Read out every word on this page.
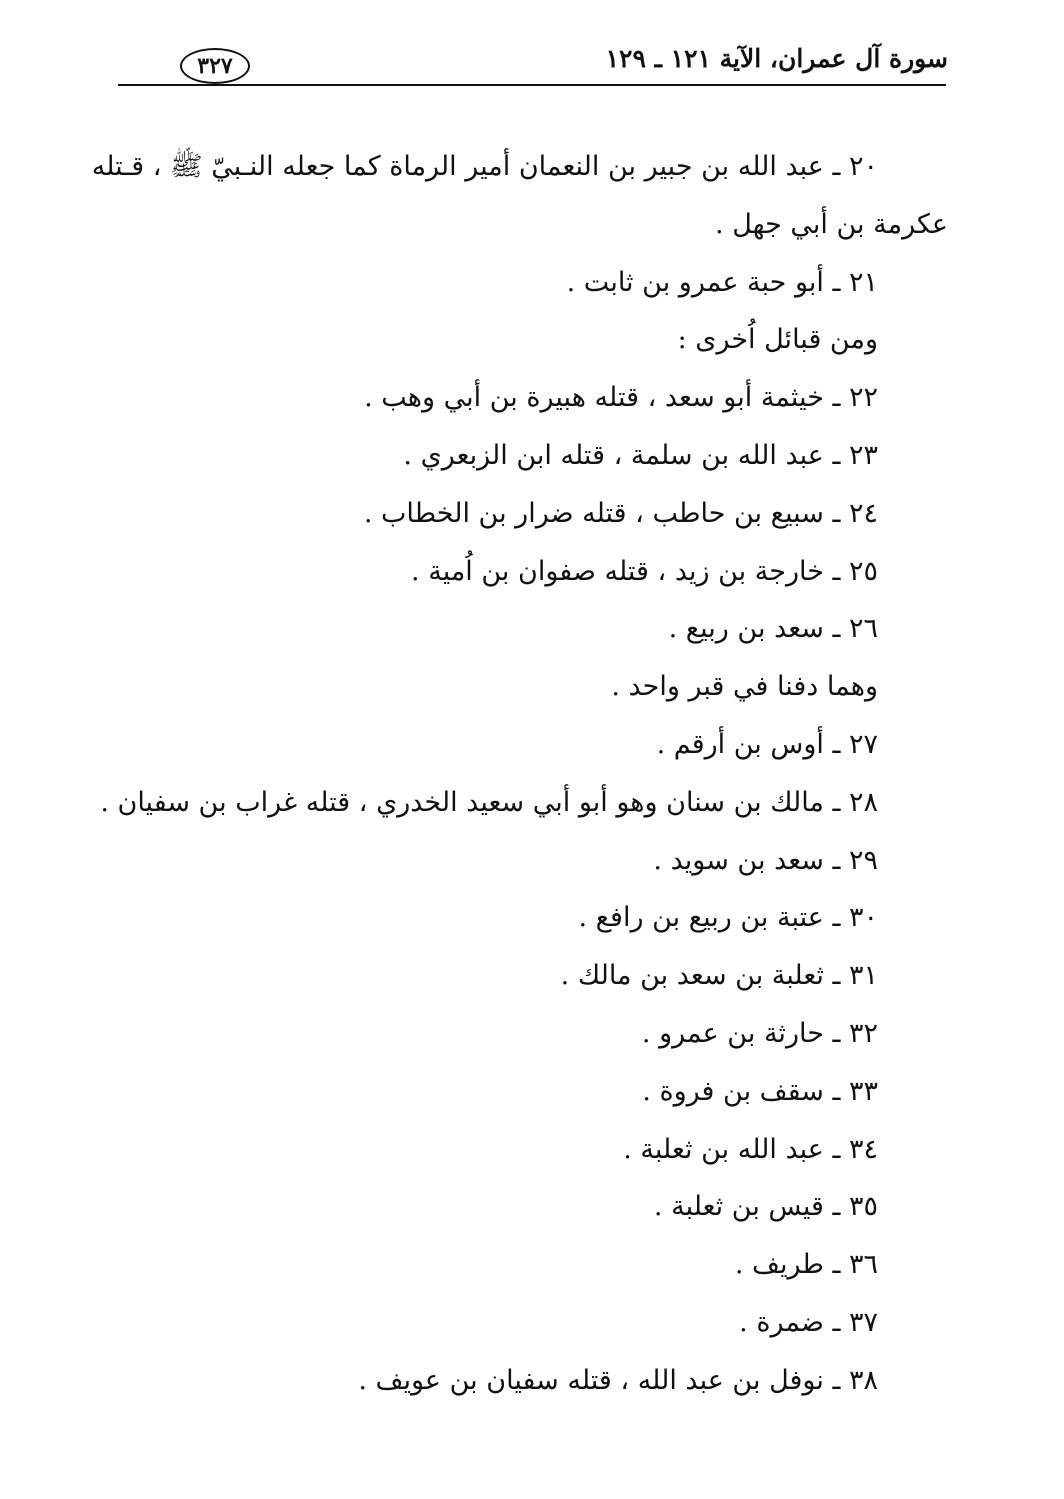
سورة آل عمران، الآية ١٢١ ـ ١٢٩
٣٢٧
٢٠ ـ عبد الله بن جبير بن النعمان أمير الرماة كما جعله النـبيّ ﷺ ، قـتله
عكرمة بن أبي جهل .
٢١ ـ أبو حبة عمرو بن ثابت .
ومن قبائل اُخرى :
٢٢ ـ خيثمة أبو سعد ، قتله هبيرة بن أبي وهب .
٢٣ ـ عبد الله بن سلمة ، قتله ابن الزبعري .
٢٤ ـ سبيع بن حاطب ، قتله ضرار بن الخطاب .
٢٥ ـ خارجة بن زيد ، قتله صفوان بن اُمية .
٢٦ ـ سعد بن ربيع .
وهما دفنا في قبر واحد .
٢٧ ـ أوس بن أرقم .
٢٨ ـ مالك بن سنان وهو أبو أبي سعيد الخدري ، قتله غراب بن سفيان .
٢٩ ـ سعد بن سويد .
٣٠ ـ عتبة بن ربيع بن رافع .
٣١ ـ ثعلبة بن سعد بن مالك .
٣٢ ـ حارثة بن عمرو .
٣٣ ـ سقف بن فروة .
٣٤ ـ عبد الله بن ثعلبة .
٣٥ ـ قيس بن ثعلبة .
٣٦ ـ طريف .
٣٧ ـ ضمرة .
٣٨ ـ نوفل بن عبد الله ، قتله سفيان بن عويف .
